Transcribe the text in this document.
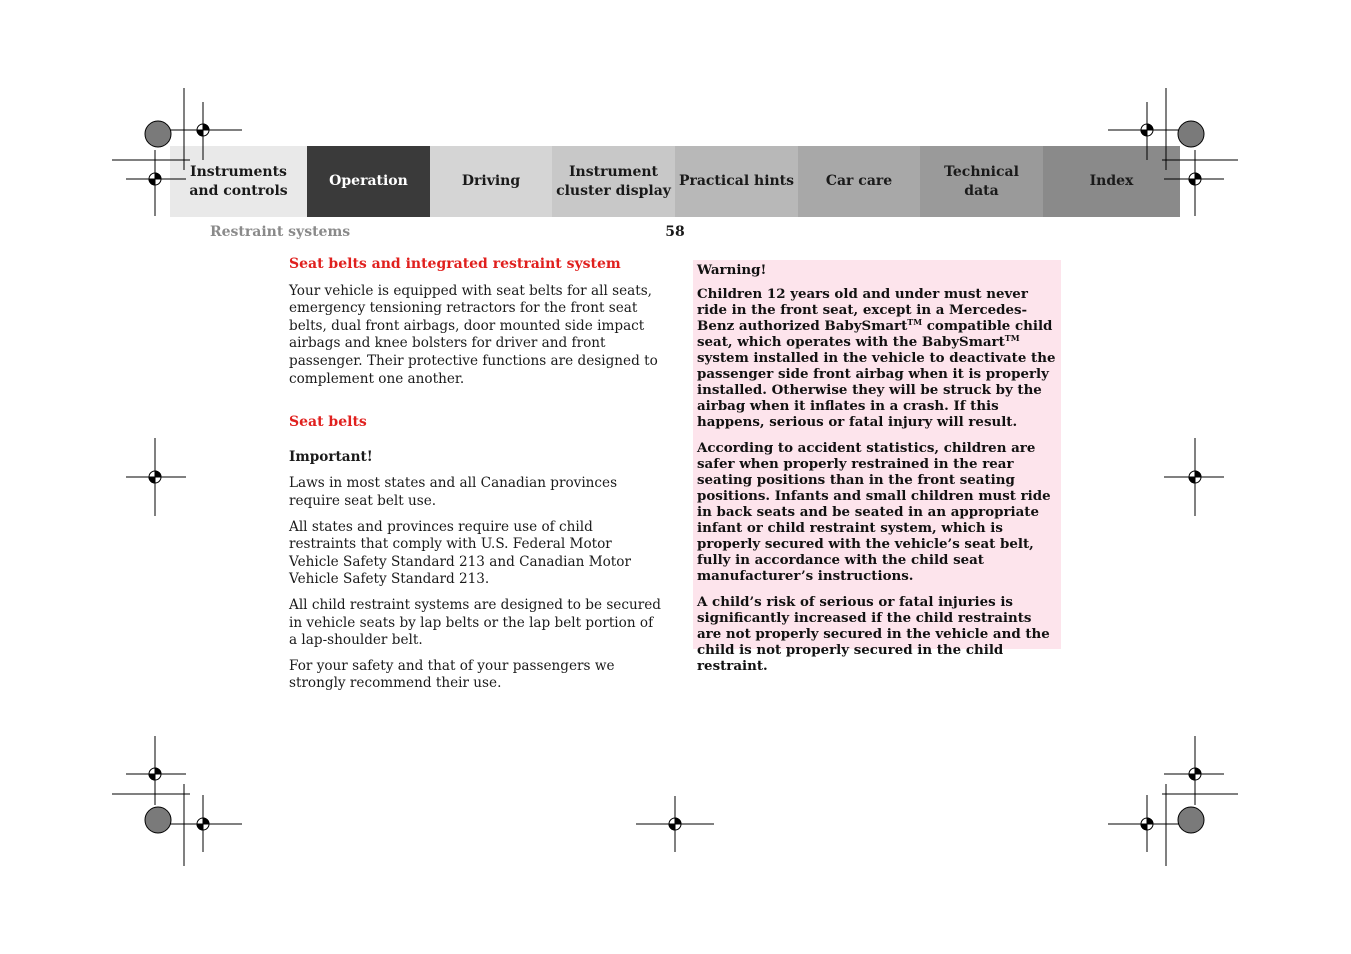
Instruments
and controls
Operation	Driving
Instrument
cluster display
Practical hints	Car care
Technical
data
Index
Restraint systems	58
Seat belts and integrated restraint system

Your vehicle is equipped with seat belts for all seats, emergency tensioning retractors for the front seat belts, dual front airbags, door mounted side impact airbags and knee bolsters for driver and front passenger. Their protective functions are designed to complement one another.

Seat belts

Important!

Laws in most states and all Canadian provinces require seat belt use.

All states and provinces require use of child restraints that comply with U.S. Federal Motor Vehicle Safety Standard 213 and Canadian Motor Vehicle Safety Standard 213.

All child restraint systems are designed to be secured in vehicle seats by lap belts or the lap belt portion of a lap-shoulder belt.

For your safety and that of your passengers we strongly recommend their use.

Warning!

Children 12 years old and under must never ride in the front seat, except in a Mercedes-Benz authorized BabySmart™ compatible child seat, which operates with the BabySmart™ system installed in the vehicle to deactivate the passenger side front airbag when it is properly installed. Otherwise they will be struck by the airbag when it inflates in a crash. If this happens, serious or fatal injury will result.

According to accident statistics, children are safer when properly restrained in the rear seating positions than in the front seating positions. Infants and small children must ride in back seats and be seated in an appropriate infant or child restraint system, which is properly secured with the vehicle’s seat belt, fully in accordance with the child seat manufacturer’s instructions.

A child’s risk of serious or fatal injuries is significantly increased if the child restraints are not properly secured in the vehicle and the child is not properly secured in the child restraint.
